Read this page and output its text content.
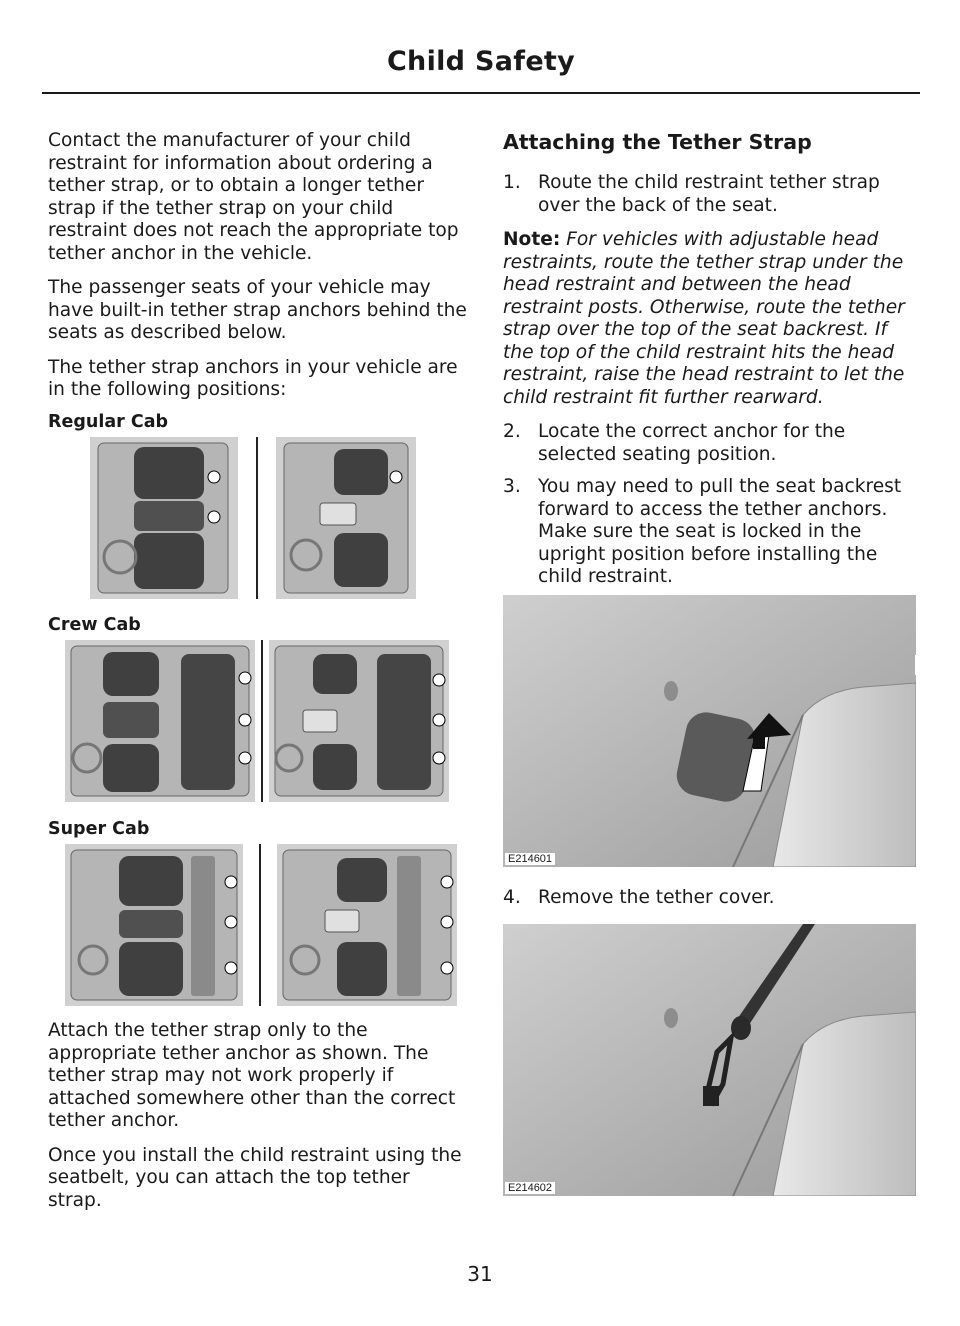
Child Safety

Contact the manufacturer of your child restraint for information about ordering a tether strap, or to obtain a longer tether strap if the tether strap on your child restraint does not reach the appropriate top tether anchor in the vehicle.

The passenger seats of your vehicle may have built-in tether strap anchors behind the seats as described below.

The tether strap anchors in your vehicle are in the following positions:

Regular Cab
Crew Cab
Super Cab

Attach the tether strap only to the appropriate tether anchor as shown. The tether strap may not work properly if attached somewhere other than the correct tether anchor.

Once you install the child restraint using the seatbelt, you can attach the top tether strap.

Attaching the Tether Strap
1. Route the child restraint tether strap over the back of the seat.

Note: For vehicles with adjustable head restraints, route the tether strap under the head restraint and between the head restraint posts. Otherwise, route the tether strap over the top of the seat backrest. If the top of the child restraint hits the head restraint, raise the head restraint to let the child restraint fit further rearward.

2. Locate the correct anchor for the selected seating position.
3. You may need to pull the seat backrest forward to access the tether anchors. Make sure the seat is locked in the upright position before installing the child restraint.
E214601
4. Remove the tether cover.
E214602
31
